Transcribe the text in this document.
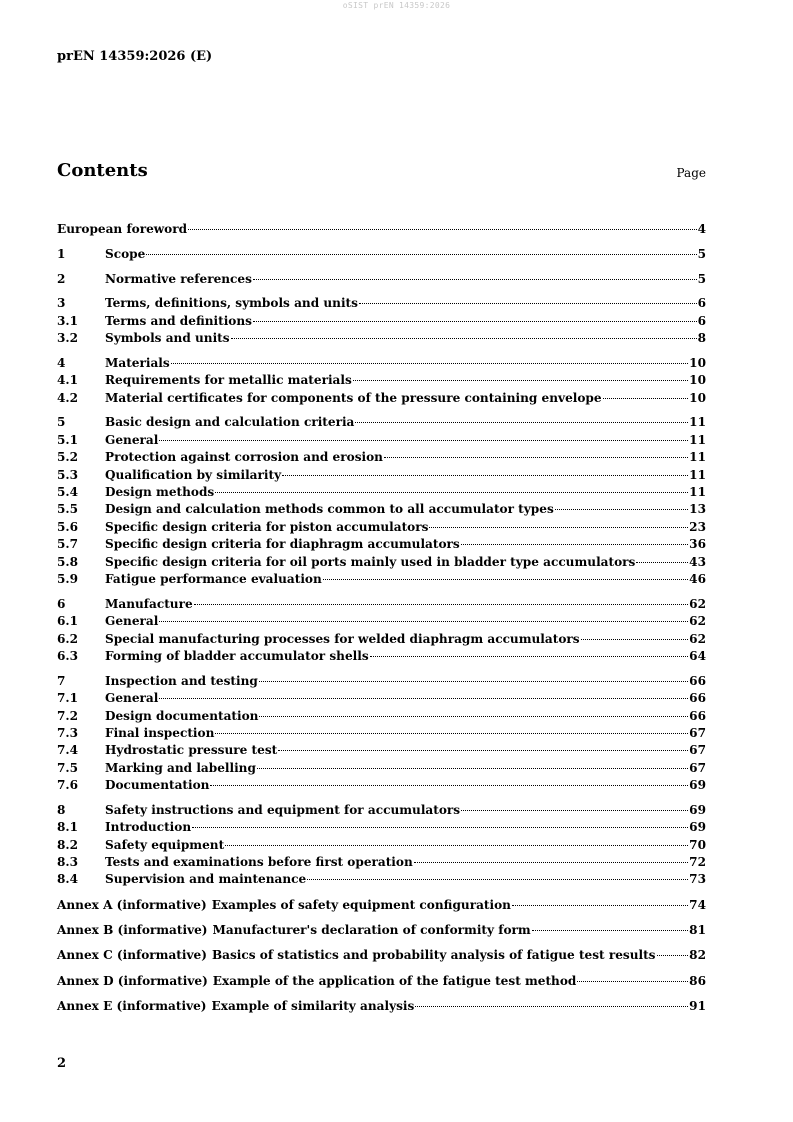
oSIST prEN 14359:2026
prEN 14359:2026 (E)
Contents	Page
European foreword	4
1	Scope	5
2	Normative references	5
3	Terms, definitions, symbols and units	6
3.1	Terms and definitions	6
3.2	Symbols and units	8
4	Materials	10
4.1	Requirements for metallic materials	10
4.2	Material certificates for components of the pressure containing envelope	10
5	Basic design and calculation criteria	11
5.1	General	11
5.2	Protection against corrosion and erosion	11
5.3	Qualification by similarity	11
5.4	Design methods	11
5.5	Design and calculation methods common to all accumulator types	13
5.6	Specific design criteria for piston accumulators	23
5.7	Specific design criteria for diaphragm accumulators	36
5.8	Specific design criteria for oil ports mainly used in bladder type accumulators	43
5.9	Fatigue performance evaluation	46
6	Manufacture	62
6.1	General	62
6.2	Special manufacturing processes for welded diaphragm accumulators	62
6.3	Forming of bladder accumulator shells	64
7	Inspection and testing	66
7.1	General	66
7.2	Design documentation	66
7.3	Final inspection	67
7.4	Hydrostatic pressure test	67
7.5	Marking and labelling	67
7.6	Documentation	69
8	Safety instructions and equipment for accumulators	69
8.1	Introduction	69
8.2	Safety equipment	70
8.3	Tests and examinations before first operation	72
8.4	Supervision and maintenance	73
Annex A (informative) Examples of safety equipment configuration	74
Annex B (informative) Manufacturer's declaration of conformity form	81
Annex C (informative) Basics of statistics and probability analysis of fatigue test results	82
Annex D (informative) Example of the application of the fatigue test method	86
Annex E (informative) Example of similarity analysis	91
2
